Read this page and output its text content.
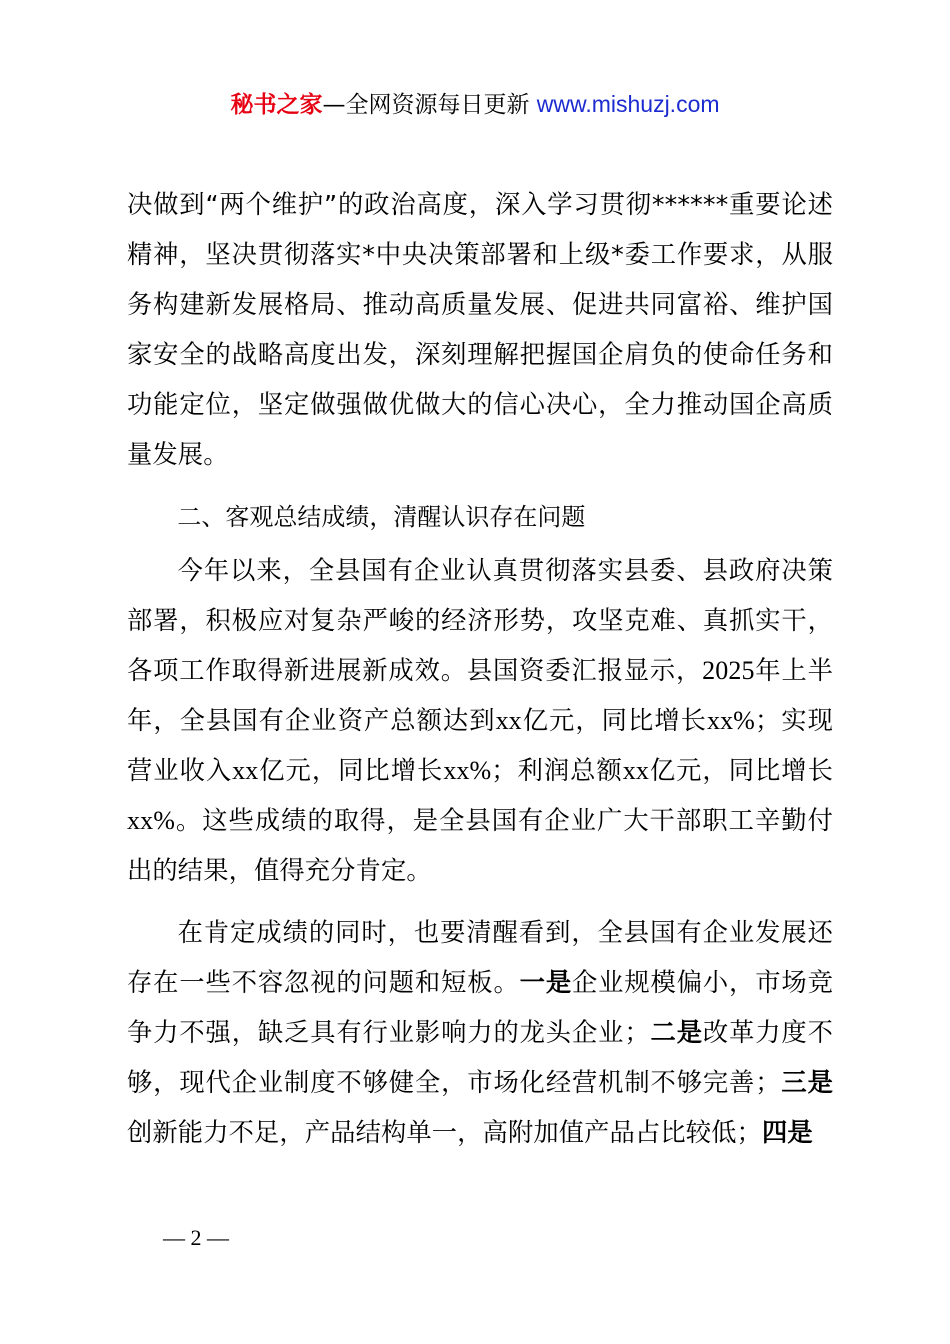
秘书之家—全网资源每日更新 www.mishuzj.com

决做到“两个维护”的政治高度，深入学习贯彻******重要论述精神，坚决贯彻落实*中央决策部署和上级*委工作要求，从服务构建新发展格局、推动高质量发展、促进共同富裕、维护国家安全的战略高度出发，深刻理解把握国企肩负的使命任务和功能定位，坚定做强做优做大的信心决心，全力推动国企高质量发展。

二、客观总结成绩，清醒认识存在问题

今年以来，全县国有企业认真贯彻落实县委、县政府决策部署，积极应对复杂严峻的经济形势，攻坚克难、真抓实干，各项工作取得新进展新成效。县国资委汇报显示，2025年上半年，全县国有企业资产总额达到xx亿元，同比增长xx%；实现营业收入xx亿元，同比增长xx%；利润总额xx亿元，同比增长xx%。这些成绩的取得，是全县国有企业广大干部职工辛勤付出的结果，值得充分肯定。

在肯定成绩的同时，也要清醒看到，全县国有企业发展还存在一些不容忽视的问题和短板。一是企业规模偏小，市场竞争力不强，缺乏具有行业影响力的龙头企业；二是改革力度不够，现代企业制度不够健全，市场化经营机制不够完善；三是创新能力不足，产品结构单一，高附加值产品占比较低；四是

— 2 —
